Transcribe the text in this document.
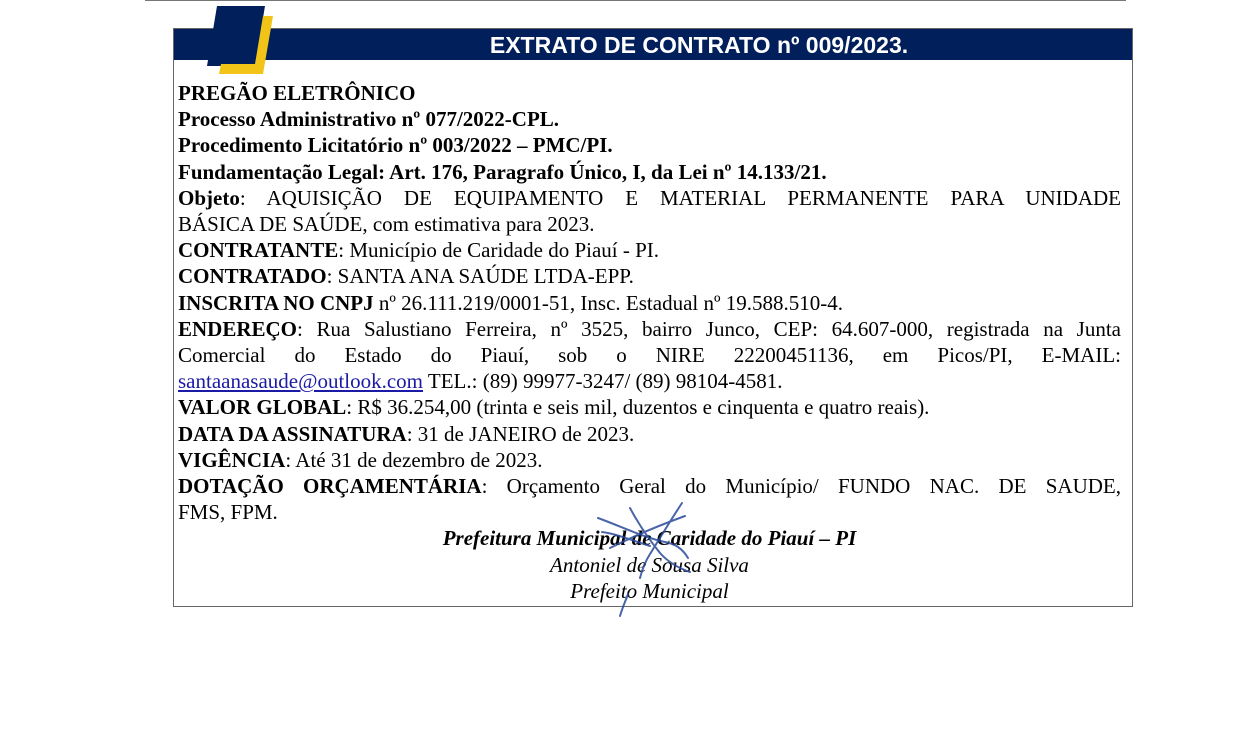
EXTRATO DE CONTRATO nº 009/2023.
PREGÃO ELETRÔNICO
Processo Administrativo nº 077/2022-CPL.
Procedimento Licitatório nº 003/2022 – PMC/PI.
Fundamentação Legal: Art. 176, Paragrafo Único, I, da Lei nº 14.133/21.
Objeto: AQUISIÇÃO DE EQUIPAMENTO E MATERIAL PERMANENTE PARA UNIDADE
BÁSICA DE SAÚDE, com estimativa para 2023.
CONTRATANTE: Município de Caridade do Piauí - PI.
CONTRATADO: SANTA ANA SAÚDE LTDA-EPP.
INSCRITA NO CNPJ nº 26.111.219/0001-51, Insc. Estadual nº 19.588.510-4.
ENDEREÇO: Rua Salustiano Ferreira, nº 3525, bairro Junco, CEP: 64.607-000, registrada na Junta
Comercial do Estado do Piauí, sob o NIRE 22200451136, em Picos/PI, E-MAIL:
santaanasaude@outlook.com TEL.: (89) 99977-3247/ (89) 98104-4581.
VALOR GLOBAL: R$ 36.254,00 (trinta e seis mil, duzentos e cinquenta e quatro reais).
DATA DA ASSINATURA: 31 de JANEIRO de 2023.
VIGÊNCIA: Até 31 de dezembro de 2023.
DOTAÇÃO ORÇAMENTÁRIA: Orçamento Geral do Município/ FUNDO NAC. DE SAUDE,
FMS, FPM.
Prefeitura Municipal de Caridade do Piauí – PI
Antoniel de Sousa Silva
Prefeito Municipal
